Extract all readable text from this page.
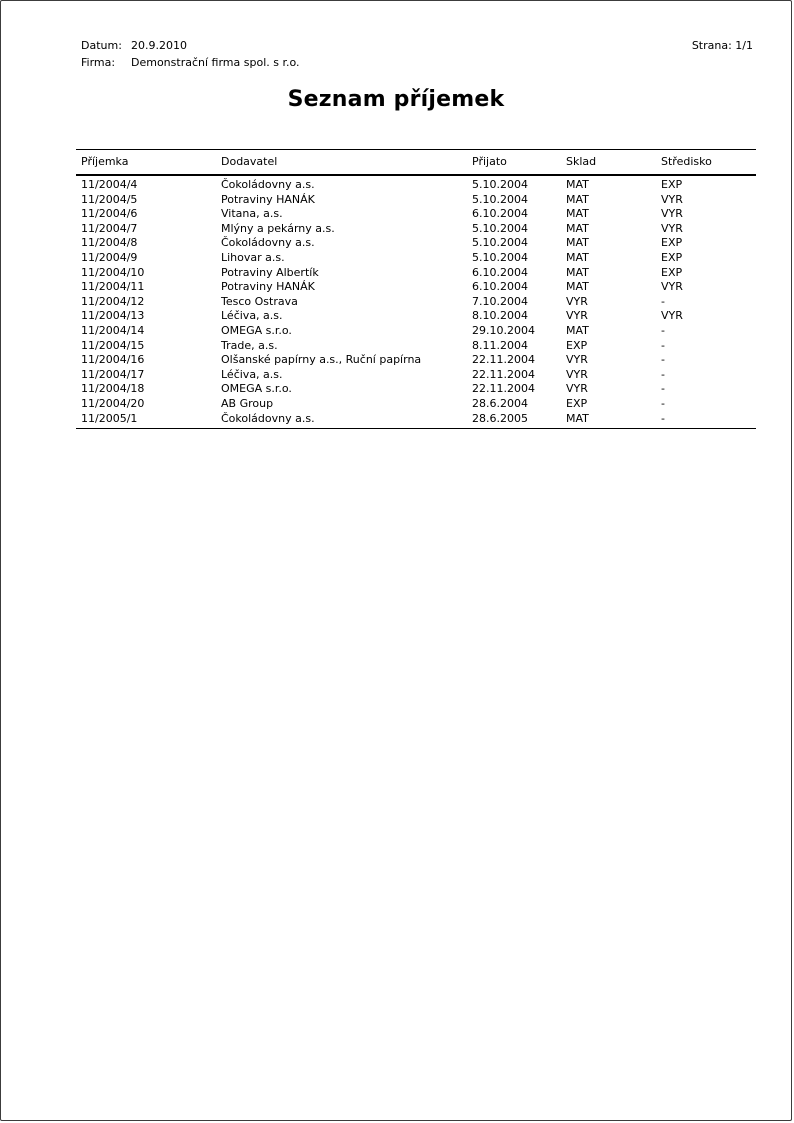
Datum: 20.9.2010
Firma:	Demonstrační firma spol. s r.o.
Strana: 1/1
Seznam příjemek
Příjemka	Dodavatel	Přijato	Sklad	Středisko
11/2004/4	Čokoládovny a.s.	5.10.2004	MAT	EXP
11/2004/5	Potraviny HANÁK	5.10.2004	MAT	VYR
11/2004/6	Vitana, a.s.	6.10.2004	MAT	VYR
11/2004/7	Mlýny a pekárny a.s.	5.10.2004	MAT	VYR
11/2004/8	Čokoládovny a.s.	5.10.2004	MAT	EXP
11/2004/9	Lihovar a.s.	5.10.2004	MAT	EXP
11/2004/10	Potraviny Albertík	6.10.2004	MAT	EXP
11/2004/11	Potraviny HANÁK	6.10.2004	MAT	VYR
11/2004/12	Tesco Ostrava	7.10.2004	VYR	-
11/2004/13	Léčiva, a.s.	8.10.2004	VYR	VYR
11/2004/14	OMEGA s.r.o.	29.10.2004	MAT	-
11/2004/15	Trade, a.s.	8.11.2004	EXP	-
11/2004/16	Olšanské papírny a.s., Ruční papírna	22.11.2004	VYR	-
11/2004/17	Léčiva, a.s.	22.11.2004	VYR	-
11/2004/18	OMEGA s.r.o.	22.11.2004	VYR	-
11/2004/20	AB Group	28.6.2004	EXP	-
11/2005/1	Čokoládovny a.s.	28.6.2005	MAT	-
